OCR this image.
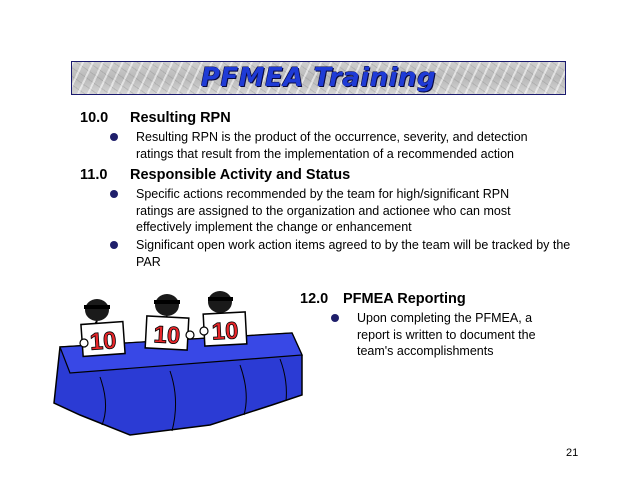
PFMEA Training
10.0 Resulting RPN
Resulting RPN is the product of the occurrence, severity, and detection ratings that result from the implementation of a recommended action
11.0 Responsible Activity and Status
Specific actions recommended by the team for high/significant RPN ratings are assigned to the organization and actionee who can most effectively implement the change or enhancement
Significant open work action items agreed to by the team will be tracked by the PAR
12.0 PFMEA Reporting
Upon completing the PFMEA, a report is written to document the team's accomplishments
10 10 10
21
